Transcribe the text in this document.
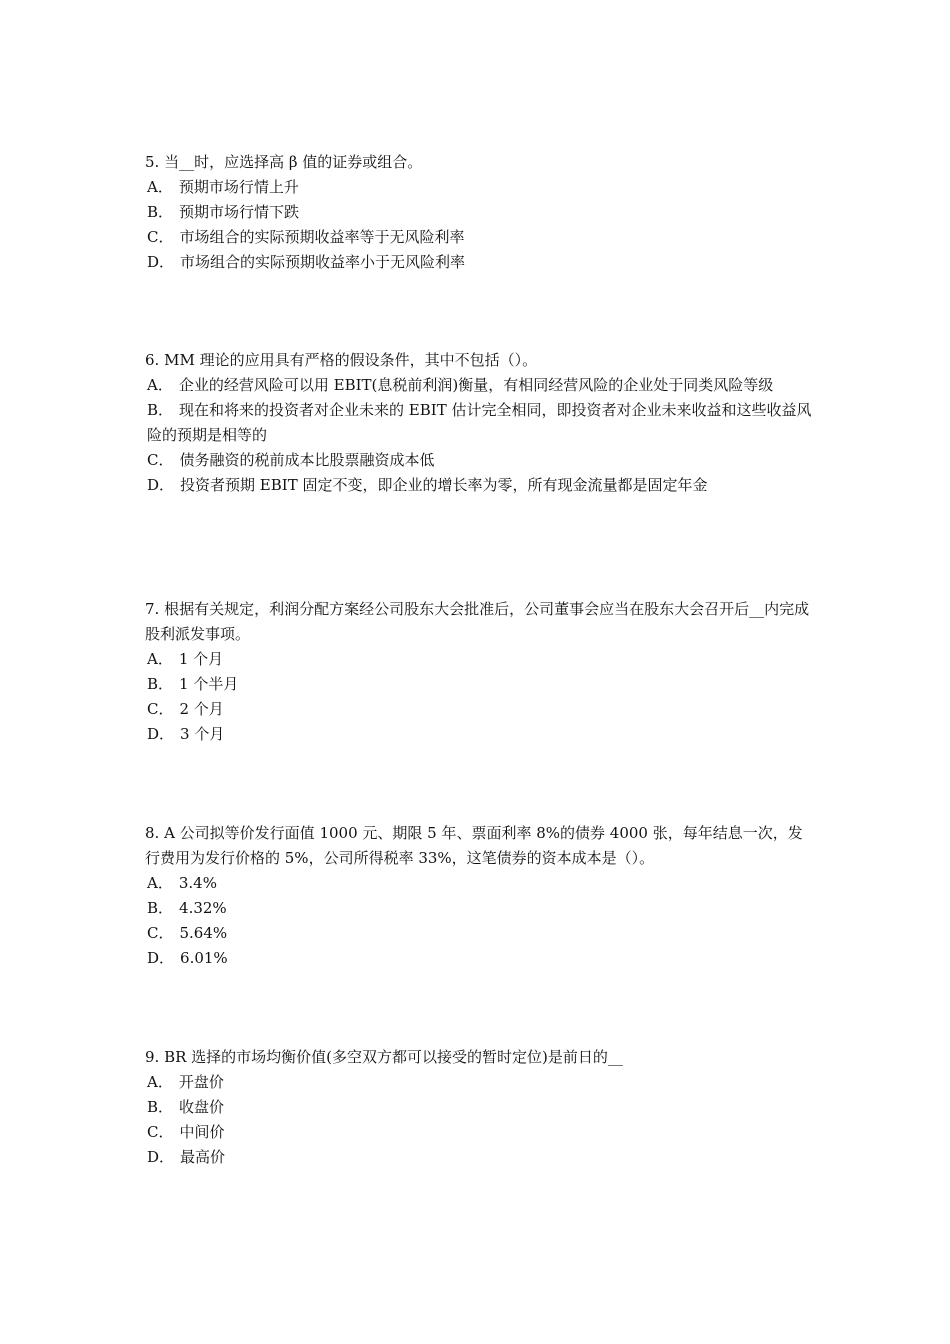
5. 当__时，应选择高 β 值的证券或组合。

A． 预期市场行情上升

B． 预期市场行情下跌

C． 市场组合的实际预期收益率等于无风险利率

D． 市场组合的实际预期收益率小于无风险利率

6. MM 理论的应用具有严格的假设条件，其中不包括（）。

A． 企业的经营风险可以用 EBIT(息税前利润)衡量，有相同经营风险的企业处于同类风险等级

B． 现在和将来的投资者对企业未来的 EBIT 估计完全相同，即投资者对企业未来收益和这些收益风险的预期是相等的

C． 债务融资的税前成本比股票融资成本低

D． 投资者预期 EBIT 固定不变，即企业的增长率为零，所有现金流量都是固定年金

7. 根据有关规定，利润分配方案经公司股东大会批准后，公司董事会应当在股东大会召开后__内完成股利派发事项。

A． 1 个月

B． 1 个半月

C． 2 个月

D． 3 个月

8. A 公司拟等价发行面值 1000 元、期限 5 年、票面利率 8%的债券 4000 张，每年结息一次，发行费用为发行价格的 5%，公司所得税率 33%，这笔债券的资本成本是（）。

A． 3.4%

B． 4.32%

C． 5.64%

D． 6.01%

9. BR 选择的市场均衡价值(多空双方都可以接受的暂时定位)是前日的__

A． 开盘价

B． 收盘价

C． 中间价

D． 最高价
